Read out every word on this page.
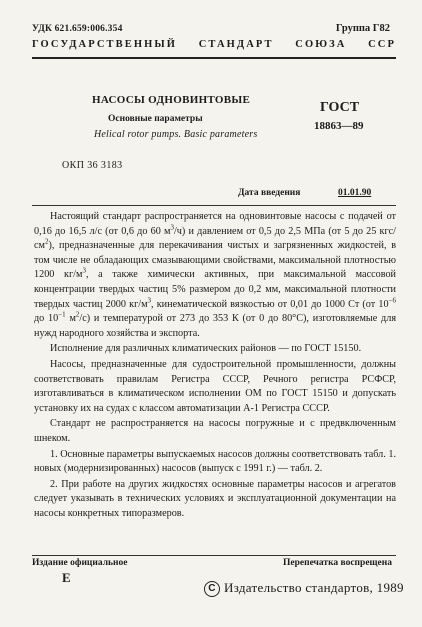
УДК 621.659:006.354	Группа Г82
ГОСУДАРСТВЕННЫЙ СТАНДАРТ СОЮЗА ССР
НАСОСЫ ОДНОВИНТОВЫЕ
Основные параметры
Helical rotor pumps. Basic parameters
ГОСТ
18863—89
ОКП 36 3183
Дата введения	01.01.90

Настоящий стандарт распространяется на одновинтовые насосы с подачей от 0,16 до 16,5 л/с (от 0,6 до 60 $м^3/ч$) и давлением от 0,5 до 2,5 МПа (от 5 до 25 кгс/$см^2$), предназначенные для перекачивания чистых и загрязненных жидкостей, в том числе не обладающих смазывающими свойствами, максимальной плотностью 1200 $кг/м^3$, а также химически активных, при максимальной массовой концентрации твердых частиц 5% размером до 0,2 мм, максимальной плотности твердых частиц 2000 $кг/м^3$, кинематической вязкостью от 0,01 до 1000 Ст (от $10^{-6}$ до $10^{-1}$ $м^2/с$) и температурой от 273 до 353 К (от 0 до 80°С), изготовляемые для нужд народного хозяйства и экспорта.

Исполнение для различных климатических районов — по ГОСТ 15150.

Насосы, предназначенные для судостроительной промышленности, должны соответствовать правилам Регистра СССР, Речного регистра РСФСР, изготавливаться в климатическом исполнении ОМ по ГОСТ 15150 и допускать установку их на судах с классом автоматизации А-1 Регистра СССР.

Стандарт не распространяется на насосы погружные и с предвключенным шнеком.

1. Основные параметры выпускаемых насосов должны соответствовать табл. 1. новых (модернизированных) насосов (выпуск с 1991 г.) — табл. 2.

2. При работе на других жидкостях основные параметры насосов и агрегатов следует указывать в технических условиях и эксплуатационной документации на насосы конкретных типоразмеров.

Издание официальное	Перепечатка воспрещена
Е
С Издательство стандартов, 1989
